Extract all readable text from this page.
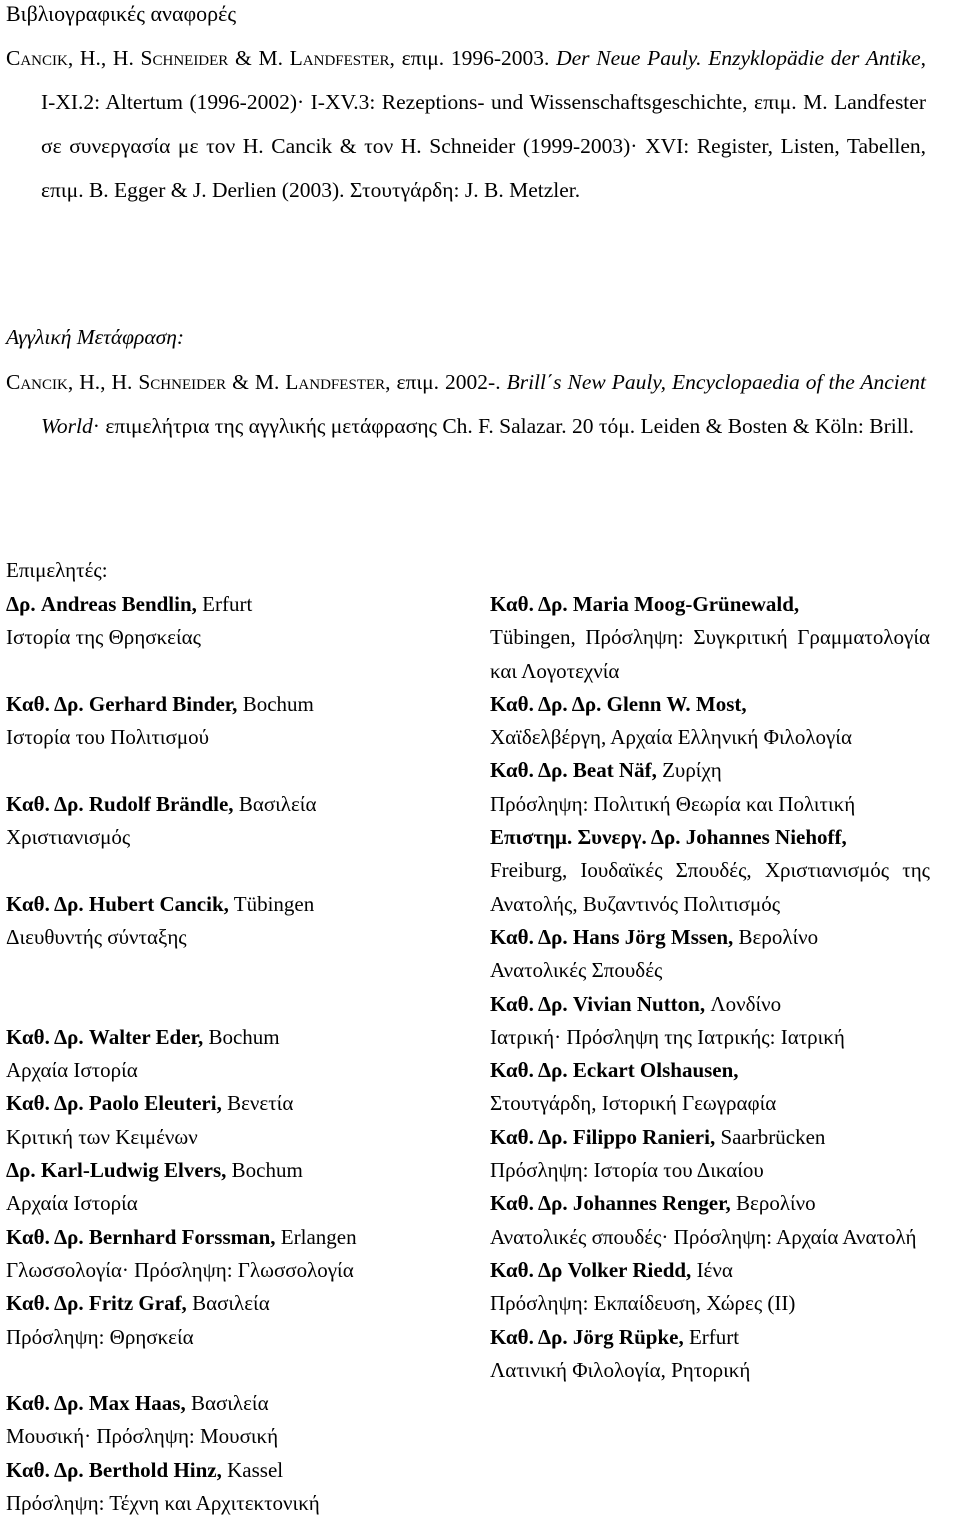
Βιβλιογραφικές αναφορές

Cancik, H., H. Schneider & M. Landfester, επιμ. 1996-2003. Der Neue Pauly. Enzyklopädie der Antike, I-XI.2: Altertum (1996-2002)· I-XV.3: Rezeptions- und Wissenschaftsgeschichte, επιμ. M. Landfester σε συνεργασία με τον H. Cancik & τον H. Schneider (1999-2003)· XVI: Register, Listen, Tabellen, επιμ. B. Egger & J. Derlien (2003). Στουτγάρδη: J. B. Metzler.

Αγγλική Μετάφραση:

Cancik, H., H. Schneider & M. Landfester, επιμ. 2002-. Brill΄s New Pauly, Encyclopaedia of the Ancient World· επιμελήτρια της αγγλικής μετάφρασης Ch. F. Salazar. 20 τόμ. Leiden & Bosten & Köln: Brill.

Επιμελητές:
Δρ. Andreas Bendlin, Erfurt
Ιστορία της Θρησκείας
Καθ. Δρ. Gerhard Binder, Bochum
Ιστορία του Πολιτισμού
Καθ. Δρ. Rudolf Brändle, Βασιλεία
Χριστιανισμός
Καθ. Δρ. Hubert Cancik, Tübingen
Διευθυντής σύνταξης
Καθ. Δρ. Walter Eder, Bochum
Αρχαία Ιστορία
Καθ. Δρ. Paolo Eleuteri, Βενετία
Κριτική των Κειμένων
Δρ. Karl-Ludwig Elvers, Bochum
Αρχαία Ιστορία
Καθ. Δρ. Bernhard Forssman, Erlangen
Γλωσσολογία· Πρόσληψη: Γλωσσολογία
Καθ. Δρ. Fritz Graf, Βασιλεία
Πρόσληψη: Θρησκεία
Καθ. Δρ. Max Haas, Βασιλεία
Μουσική· Πρόσληψη: Μουσική
Καθ. Δρ. Berthold Hinz, Kassel
Πρόσληψη: Τέχνη και Αρχιτεκτονική
Καθ. Δρ. Maria Moog-Grünewald,
Tübingen, Πρόσληψη: Συγκριτική Γραμματολογία και Λογοτεχνία
Καθ. Δρ. Δρ. Glenn W. Most,
Χαϊδελβέργη, Αρχαία Ελληνική Φιλολογία
Καθ. Δρ. Beat Näf, Ζυρίχη
Πρόσληψη: Πολιτική Θεωρία και Πολιτική
Επιστημ. Συνεργ. Δρ. Johannes Niehoff,
Freiburg, Ιουδαϊκές Σπουδές, Χριστιανισμός της Ανατολής, Βυζαντινός Πολιτισμός
Καθ. Δρ. Hans Jörg Mssen, Βερολίνο
Ανατολικές Σπουδές
Καθ. Δρ. Vivian Nutton, Λονδίνο
Ιατρική· Πρόσληψη της Ιατρικής: Ιατρική
Καθ. Δρ. Eckart Olshausen,
Στουτγάρδη, Ιστορική Γεωγραφία
Καθ. Δρ. Filippo Ranieri, Saarbrücken
Πρόσληψη: Ιστορία του Δικαίου
Καθ. Δρ. Johannes Renger, Βερολίνο
Ανατολικές σπουδές· Πρόσληψη: Αρχαία Ανατολή
Καθ. Δρ Volker Riedd, Ιένα
Πρόσληψη: Εκπαίδευση, Χώρες (II)
Καθ. Δρ. Jörg Rüpke, Erfurt
Λατινική Φιλολογία, Ρητορική
